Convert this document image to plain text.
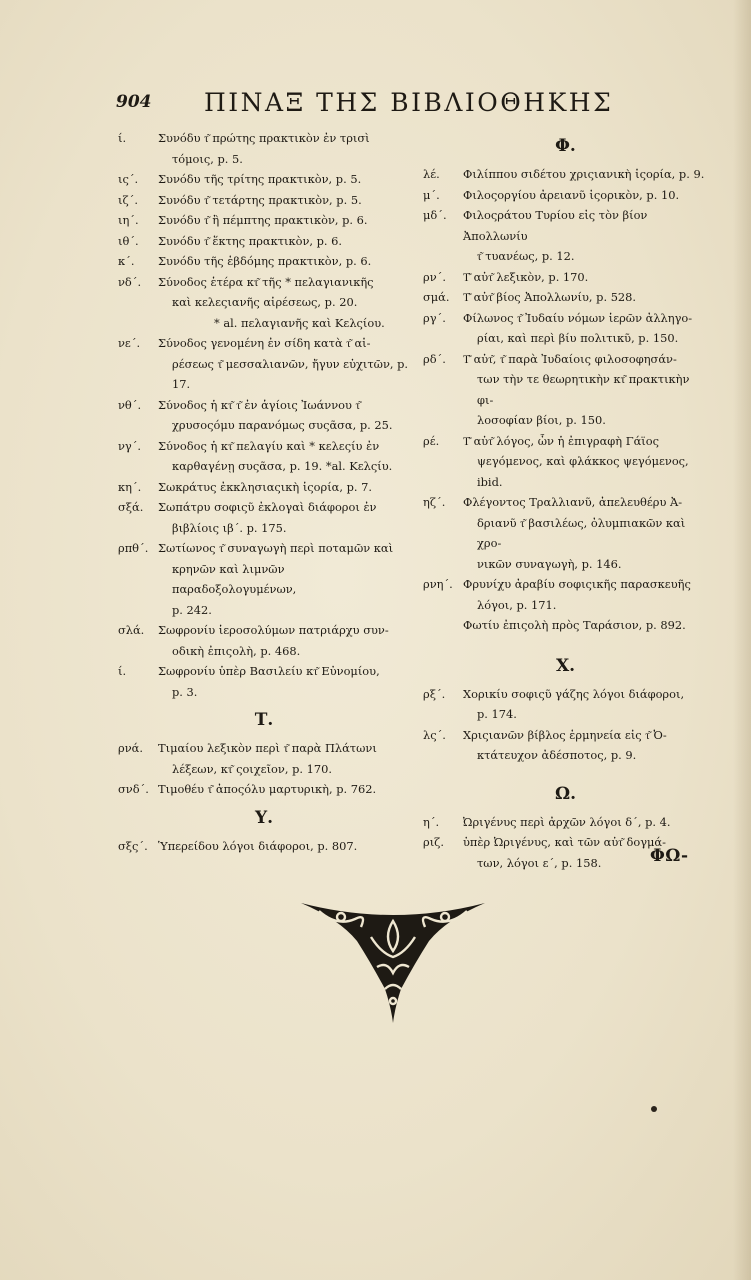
904 ΠΙΝΑΞ ΤΗΣ ΒΙΒΛΙΟΘΗΚΗΣ
ί.	Συνόδυ τ͂ πρώτης πρακτικὸν ἐν τρισὶ
τόμοις, p. 5.
ις΄.	Συνόδυ τῆς τρίτης πρακτικὸν, p. 5.
ιζ΄.	Συνόδυ τ͂ τετάρτης πρακτικὸν, p. 5.
ιη΄.	Συνόδυ τ͂ ἢ πέμπτης πρακτικὸν, p. 6.
ιθ΄.	Συνόδυ τ͂ ἕκτης πρακτικὸν, p. 6.
κ΄.	Συνόδυ τῆς ἑβδόμης πρακτικὸν, p. 6.
νδ΄.	Σύνοδος ἑτέρα κτ͂ τῆς * πελαγιανικῆς
καὶ κελεςιανῆς αἱρέσεως, p. 20.
* al. πελαγιανῆς καὶ Κελςίου.
νε΄.	Σύνοδος γενομένη ἐν σίδη κατὰ τ͂ αἱ-
ρέσεως τ͂ μεσσαλιανῶν, ἤγυν εὐχιτῶν, p. 17.
νθ΄.	Σύνοδος ἡ κτ͂ τ͂ ἐν ἁγίοις Ἰωάννου τ͂
χρυσοςόμυ παρανόμως συςᾶσα, p. 25.
νγ΄.	Σύνοδος ἡ κτ͂ πελαγίυ καὶ * κελεςίυ ἐν
καρθαγένῃ συςᾶσα, p. 19. *al. Κελςίυ.
κη΄.	Σωκράτυς ἐκκλησιαςικὴ ἱςορία, p. 7.
σξά.	Σωπάτρυ σοφιςῦ ἐκλογαὶ διάφοροι ἐν
βιβλίοις ιβ΄. p. 175.
ρπθ΄. Σωτίωνος τ͂ συναγωγὴ περὶ ποταμῶν καὶ
κρηνῶν καὶ λιμνῶν παραδοξολογυμένων,
p. 242.
σλά.	Σωφρονίυ ἱεροσολύμων πατριάρχυ συν-
οδικὴ ἐπιςολὴ, p. 468.
ί.	Σωφρονίυ ὑπὲρ Βασιλείυ κτ͂ Εὐνομίου,
p. 3.
Τ.
ρνά.	Τιμαίου λεξικὸν περὶ τ͂ παρὰ Πλάτωνι
λέξεων, κτ͂ ςοιχεῖον, p. 170.
σνδ΄. Τιμοθέυ τ͂ ἀποςόλυ μαρτυρικὴ, p. 762.
Υ.
σξς΄. Ὑπερείδου λόγοι διάφοροι, p. 807.
Φ.
λέ.	Φιλίππου σιδέτου χριςιανικὴ ἱςορία, p. 9.
μ΄.	Φιλοςοργίου ἀρειανῦ ἱςορικὸν, p. 10.
μδ΄.	Φιλοςράτου Τυρίου εἰς τὸν βίον Ἀπολλωνίυ
τ͂ τυανέως, p. 12.
ρν΄.	Τ͂ αὐτ͂ λεξικὸν, p. 170.
σμά.	Τ͂ αὐτ͂ βίος Ἀπολλωνίυ, p. 528.
ργ΄.	Φίλωνος τ͂ Ἰυδαίυ νόμων ἱερῶν ἀλληγο-
ρίαι, καὶ περὶ βίυ πολιτικῦ, p. 150.
ρδ΄.	Τ͂ αὐτ͂, τ͂ παρὰ Ἰυδαίοις φιλοσοφησάν-
των τὴν τε θεωρητικὴν κτ͂ πρακτικὴν φι-
λοσοφίαν βίοι, p. 150.
ρέ.	Τ͂ αὐτ͂ λόγος, ὧν ἡ ἐπιγραφὴ Γάϊος
ψεγόμενος, καὶ φλάκκος ψεγόμενος,
ibid.
ηζ΄.	Φλέγοντος Τραλλιανῦ, ἀπελευθέρυ Ἀ-
δριανῦ τ͂ βασιλέως, ὀλυμπιακῶν καὶ χρο-
νικῶν συναγωγὴ, p. 146.
ρνη΄. Φρυνίχυ ἀραβίυ σοφιςικῆς παρασκευῆς
λόγοι, p. 171.
Φωτίυ ἐπιςολὴ πρὸς Ταράσιον, p. 892.
Χ.
ρξ΄.	Χορικίυ σοφιςῦ γάζης λόγοι διάφοροι,
p. 174.
λς΄.	Χριςιανῶν βίβλος ἑρμηνεία εἰς τ͂ Ὀ-
κτάτευχον ἀδέσποτος, p. 9.
Ω.
η΄.	Ὠριγένυς περὶ ἀρχῶν λόγοι δ΄, p. 4.
ριζ.	ὑπὲρ Ὠριγένυς, καὶ τῶν αὐτ͂ δογμά-
των, λόγοι ε΄, p. 158.	ΦΩ-
